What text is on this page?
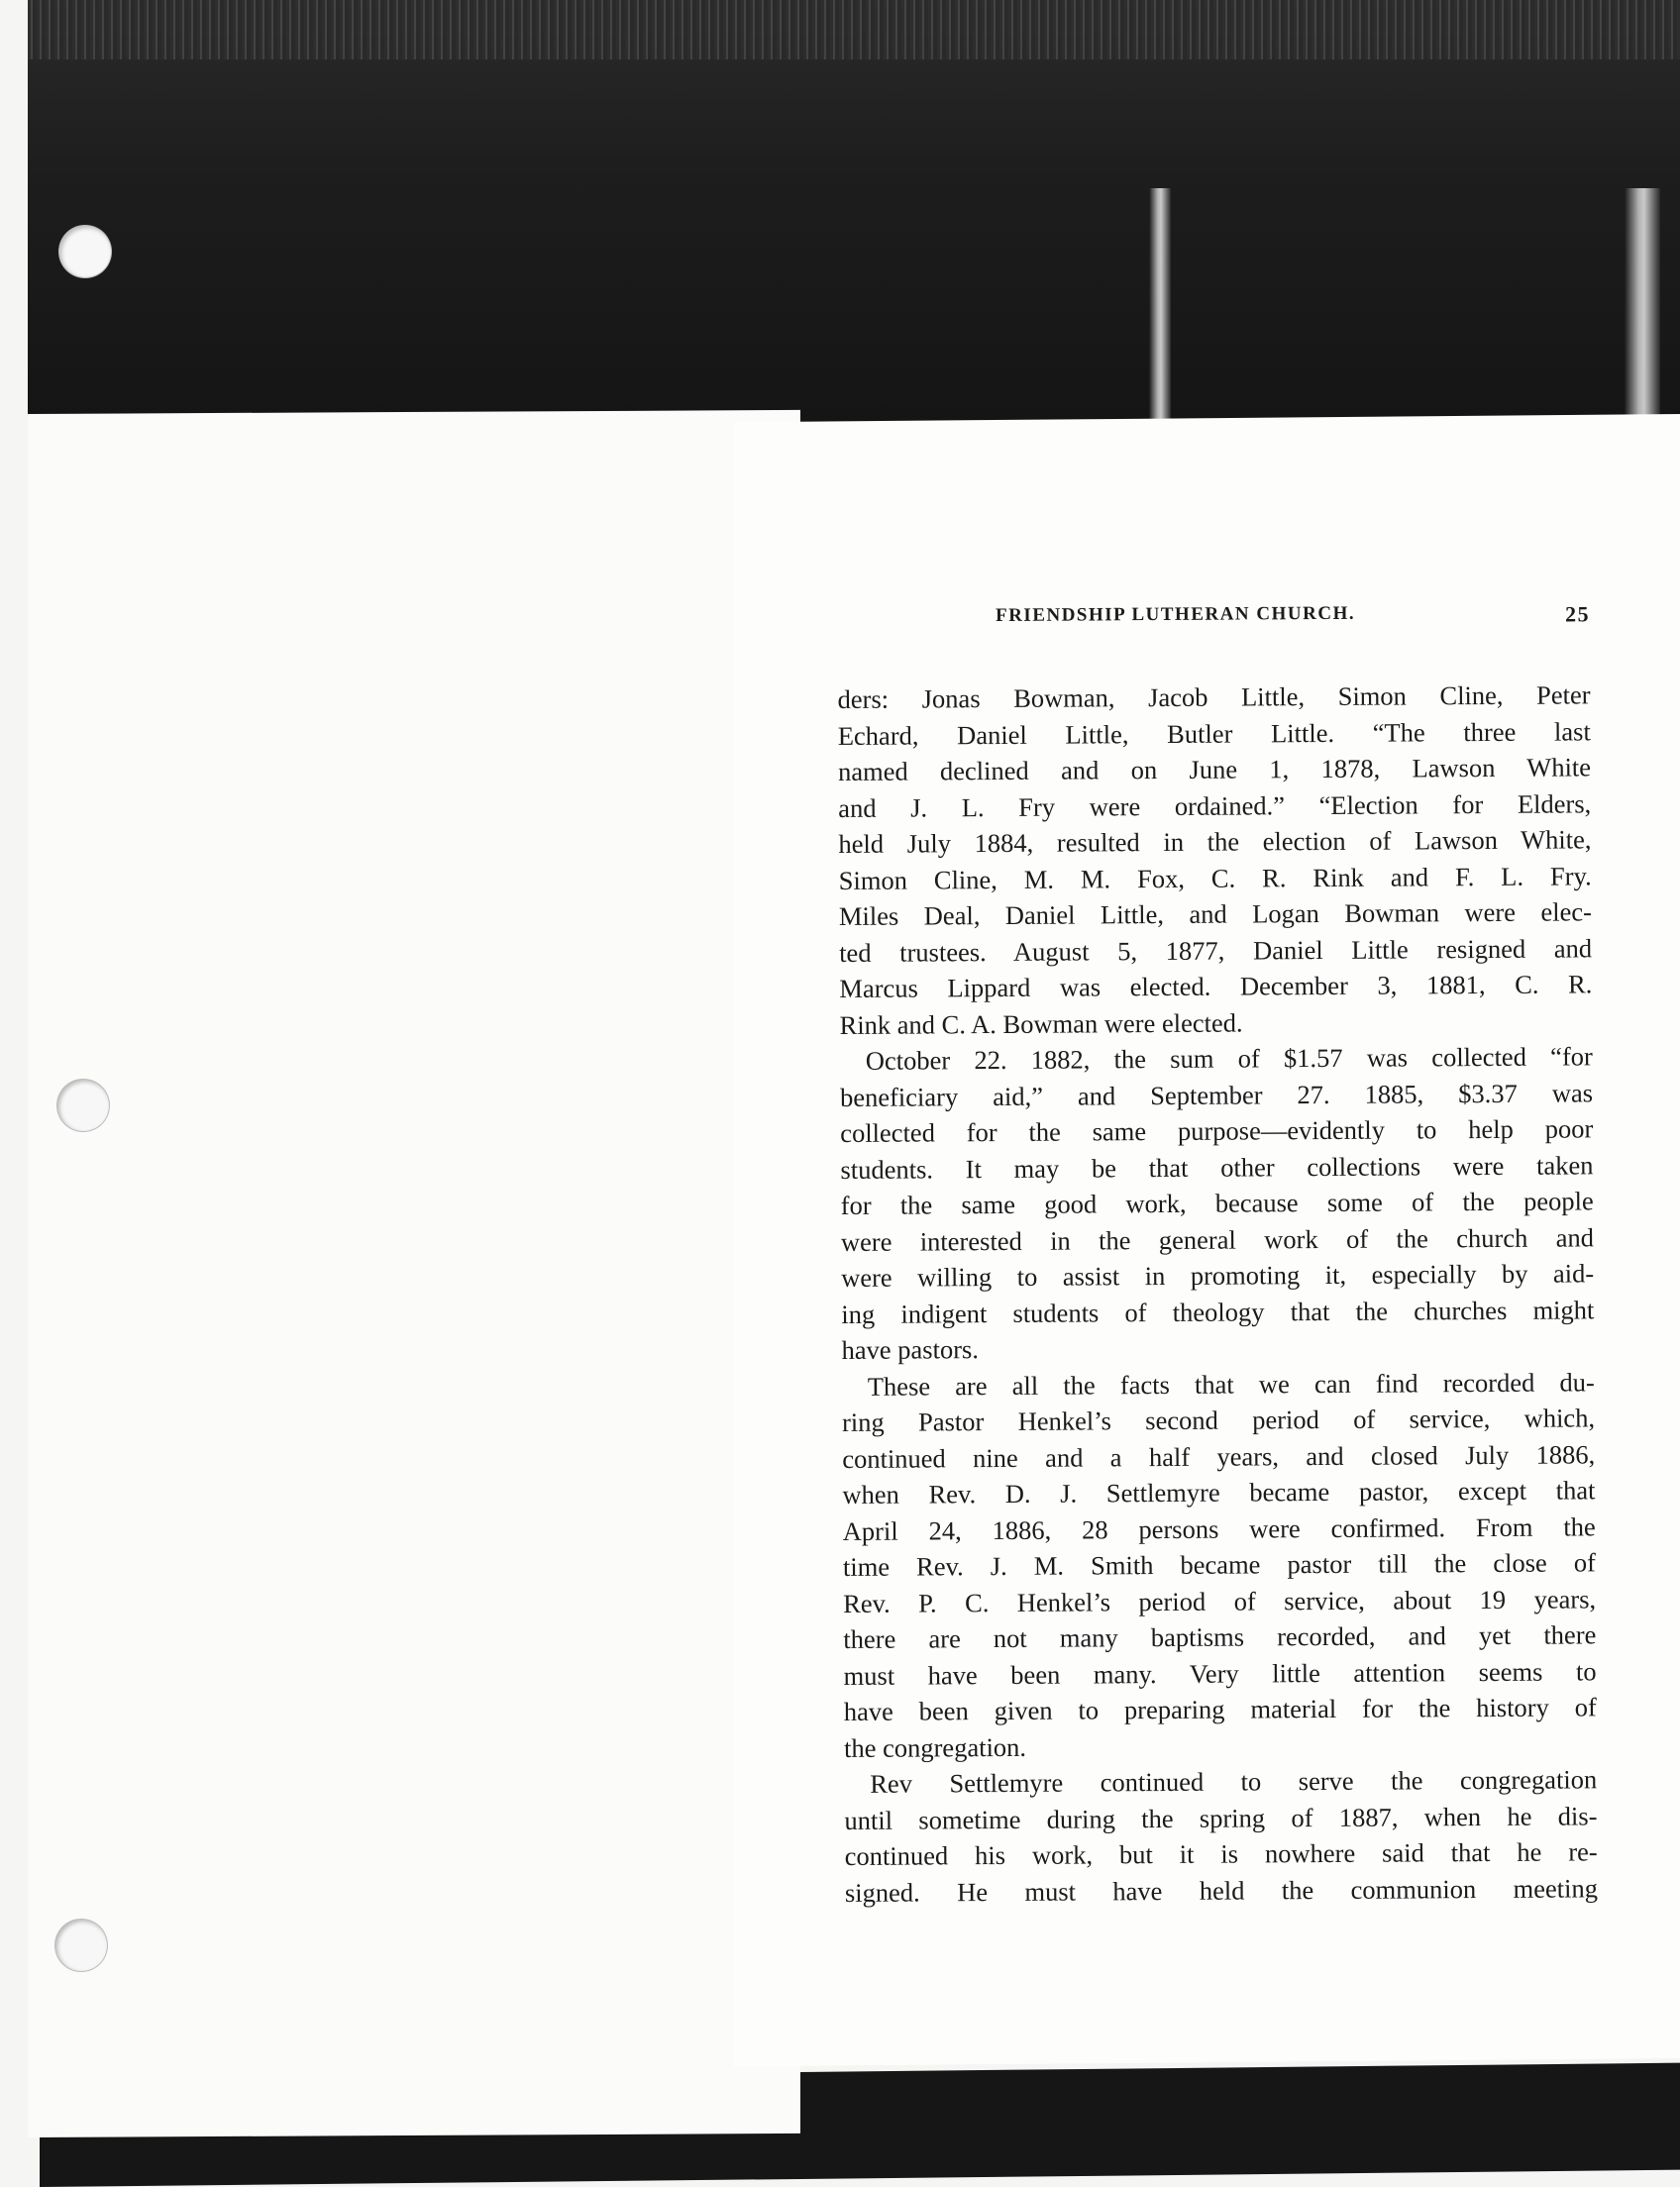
FRIENDSHIP LUTHERAN CHURCH.	25
ders: Jonas Bowman, Jacob Little, Simon Cline, Peter
Echard, Daniel Little, Butler Little. “The three last
named declined and on June 1, 1878, Lawson White
and J. L. Fry were ordained.” “Election for Elders,
held July 1884, resulted in the election of Lawson White,
Simon Cline, M. M. Fox, C. R. Rink and F. L. Fry.
Miles Deal, Daniel Little, and Logan Bowman were elec-
ted trustees. August 5, 1877, Daniel Little resigned and
Marcus Lippard was elected. December 3, 1881, C. R.
Rink and C. A. Bowman were elected.
October 22. 1882, the sum of $1.57 was collected “for
beneficiary aid,” and September 27. 1885, $3.37 was
collected for the same purpose—evidently to help poor
students. It may be that other collections were taken
for the same good work, because some of the people
were interested in the general work of the church and
were willing to assist in promoting it, especially by aid-
ing indigent students of theology that the churches might
have pastors.
These are all the facts that we can find recorded du-
ring Pastor Henkel’s second period of service, which,
continued nine and a half years, and closed July 1886,
when Rev. D. J. Settlemyre became pastor, except that
April 24, 1886, 28 persons were confirmed. From the
time Rev. J. M. Smith became pastor till the close of
Rev. P. C. Henkel’s period of service, about 19 years,
there are not many baptisms recorded, and yet there
must have been many. Very little attention seems to
have been given to preparing material for the history of
the congregation.
Rev Settlemyre continued to serve the congregation
until sometime during the spring of 1887, when he dis-
continued his work, but it is nowhere said that he re-
signed. He must have held the communion meeting
